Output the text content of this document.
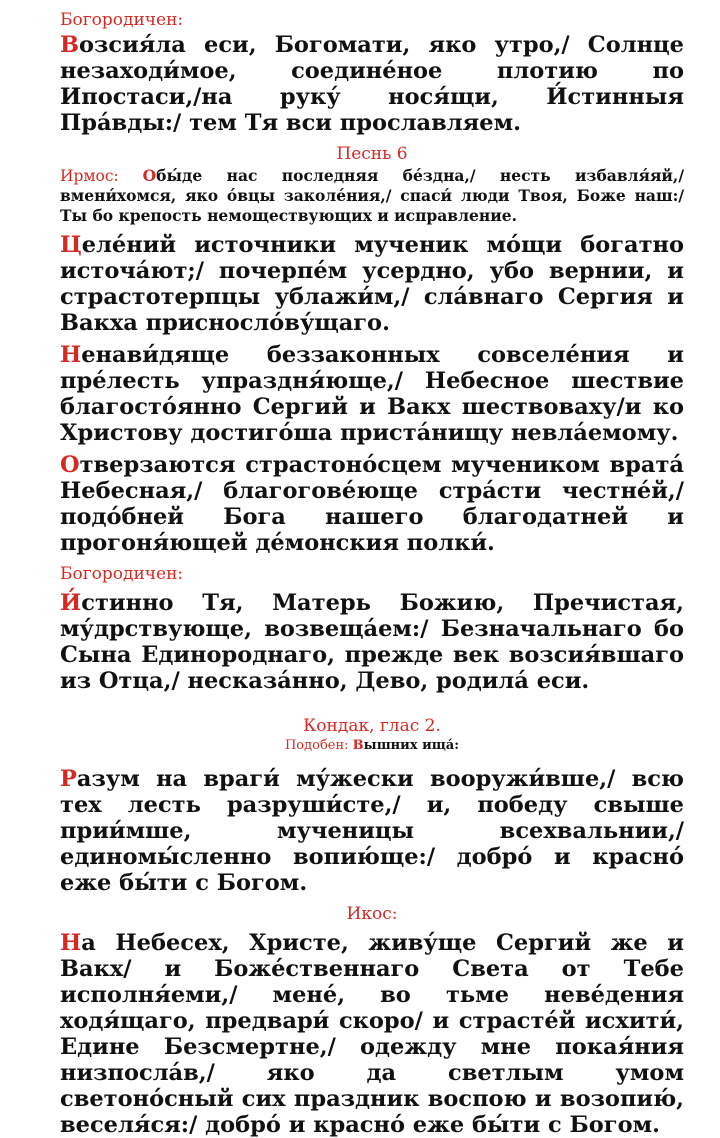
Богородичен:

Возсия́ла еси, Богомати, яко утро,/ Солнце незаходи́мое, соедине́ное плотию по Ипостаси,/на руку́ нося́щи, И́стинныя Пра́вды:/ тем Тя вси прославляем.

Песнь 6

Ирмос: Обы́де нас последняя бе́здна,/ несть избавля́яй,/ вмени́хомся, яко о́вцы заколе́ния,/ спаси́ люди Твоя, Боже наш:/ Ты бо крепость немоществующих и исправление.

Целе́ний источники мученик мо́щи богатно источа́ют;/ почерпе́м усердно, убо вернии, и страстотерпцы ублажи́м,/ сла́внаго Сергия и Вакха присносло́ву́щаго.

Ненави́дяще беззаконных совселе́ния и пре́лесть упраздня́юще,/ Небесное шествие благосто́янно Сергий и Вакх шествоваху/и ко Христову достиго́ша приста́нищу невла́емому.

Отверзаются страстоно́сцем мучеником врата́ Небесная,/ благогове́юще стра́сти честне́й,/ подо́бней Бога нашего благодатней и прогоня́ющей де́монския полки́.

Богородичен:

И́стинно Тя, Матерь Божию, Пречистая, му́дрствующе, возвеща́ем:/ Безначальнаго бо Сына Единороднаго, прежде век возсия́вшаго из Отца,/ несказа́нно, Дево, родила́ еси.

Кондак, глас 2.

Подобен: Вышних ища́:

Разум на враги́ му́жески вооружи́вше,/ всю тех лесть разруши́сте,/ и, победу свыше прии́мше, мученицы всехвальнии,/ единомы́сленно вопию́ще:/ добро́ и красно́ еже бы́ти с Богом.

Икос:

На Небесех, Христе, живу́ще Сергий же и Вакх/ и Боже́ственнаго Света от Тебе исполня́еми,/ мене́, во тьме неве́дения ходя́щаго, предвари́ скоро/ и страсте́й исхити́, Едине Безсмертне,/ одежду мне покая́ния низпосла́в,/ яко да светлым умом светоно́сный сих праздник воспою и возопию́, веселя́ся:/ добро́ и красно́ еже бы́ти с Богом.
